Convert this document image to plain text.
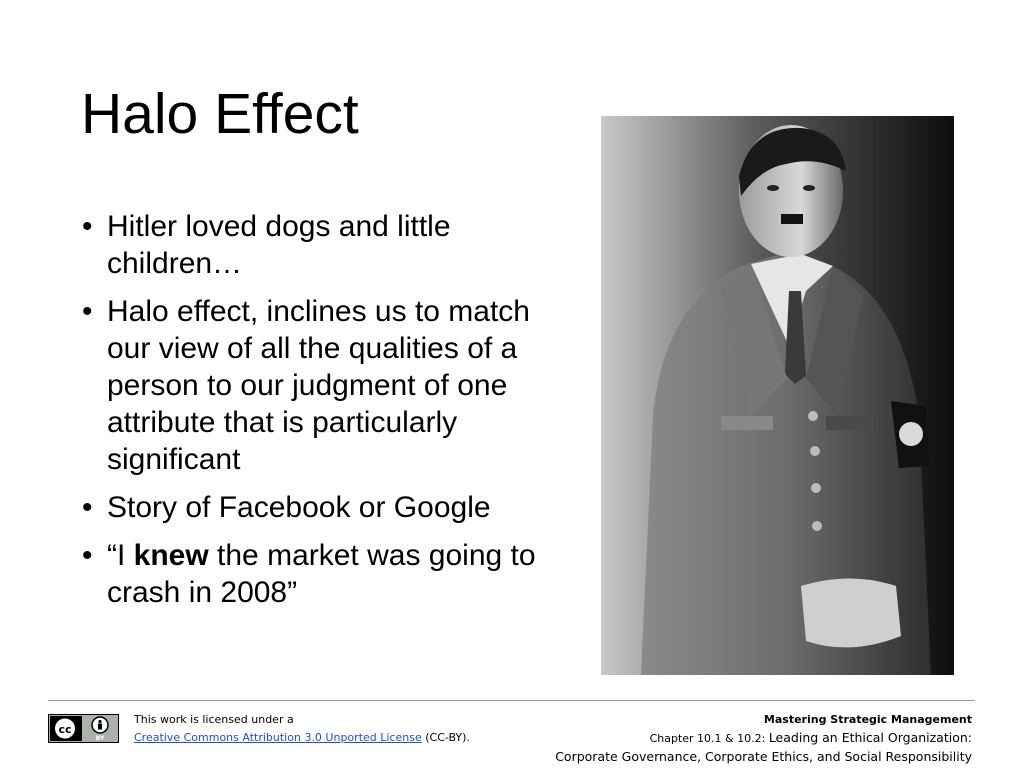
Halo Effect
• Hitler loved dogs and little children…
• Halo effect, inclines us to match our view of all the qualities of a person to our judgment of one attribute that is particularly significant
• Story of Facebook or Google
• “I knew the market was going to crash in 2008”
cc
BY
This work is licensed under a
Creative Commons Attribution 3.0 Unported License (CC-BY).
Mastering Strategic Management
Chapter 10.1 & 10.2: Leading an Ethical Organization:
Corporate Governance, Corporate Ethics, and Social Responsibility
